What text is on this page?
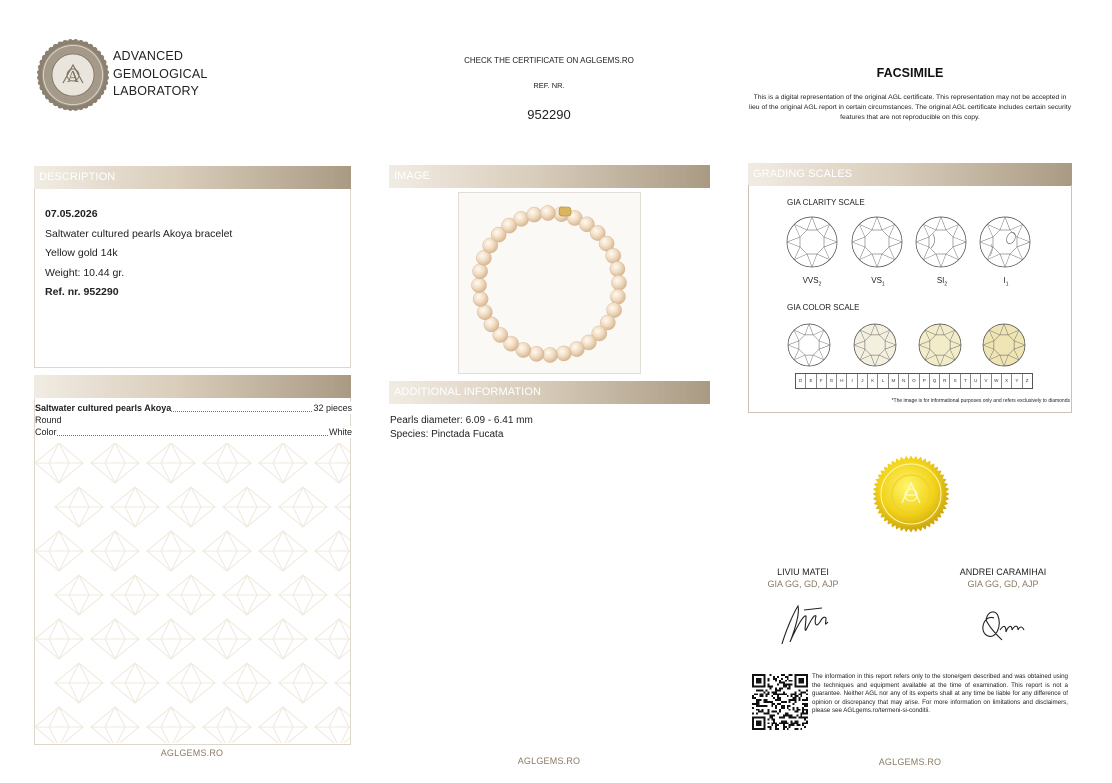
A
ADVANCED
GEMOLOGICAL
LABORATORY
CHECK THE CERTIFICATE ON AGLGEMS.RO
REF. NR.
952290
FACSIMILE
This is a digital representation of the original AGL certificate. This representation may not be accepted in lieu of the original AGL report in certain circumstances. The original AGL certificate includes certain security features that are not reproducible on this copy.
DESCRIPTION
07.05.2026
Saltwater cultured pearls Akoya bracelet
Yellow gold 14k
Weight: 10.44 gr.
Ref. nr. 952290
Saltwater cultured pearls Akoya	32 pieces
Round
Color	White
IMAGE
ADDITIONAL INFORMATION
Pearls diameter: 6.09 - 6.41 mm
Species: Pinctada Fucata
GRADING SCALES
GIA CLARITY SCALE
$VVS_2$	$VS_1$	$SI_2$	$I_1$
GIA COLOR SCALE
D	E	F	G	H	I	J	K	L	M	N	O	P	Q	R	S	T	U	V	W	X	Y	Z
*The image is for informational purposes only and refers exclusively to diamonds
LIVIU MATEI
GIA GG, GD, AJP
ANDREI CARAMIHAI
GIA GG, GD, AJP
The information in this report refers only to the stone/gem described and was obtained using the techniques and equipment available at the time of examination. This report is not a guarantee. Neither AGL nor any of its experts shall at any time be liable for any difference of opinion or discrepancy that may arise. For more information on limitations and disclaimers, please see AGLgems.ro/termeni-si-conditii.
AGLGEMS.RO
AGLGEMS.RO	AGLGEMS.RO
